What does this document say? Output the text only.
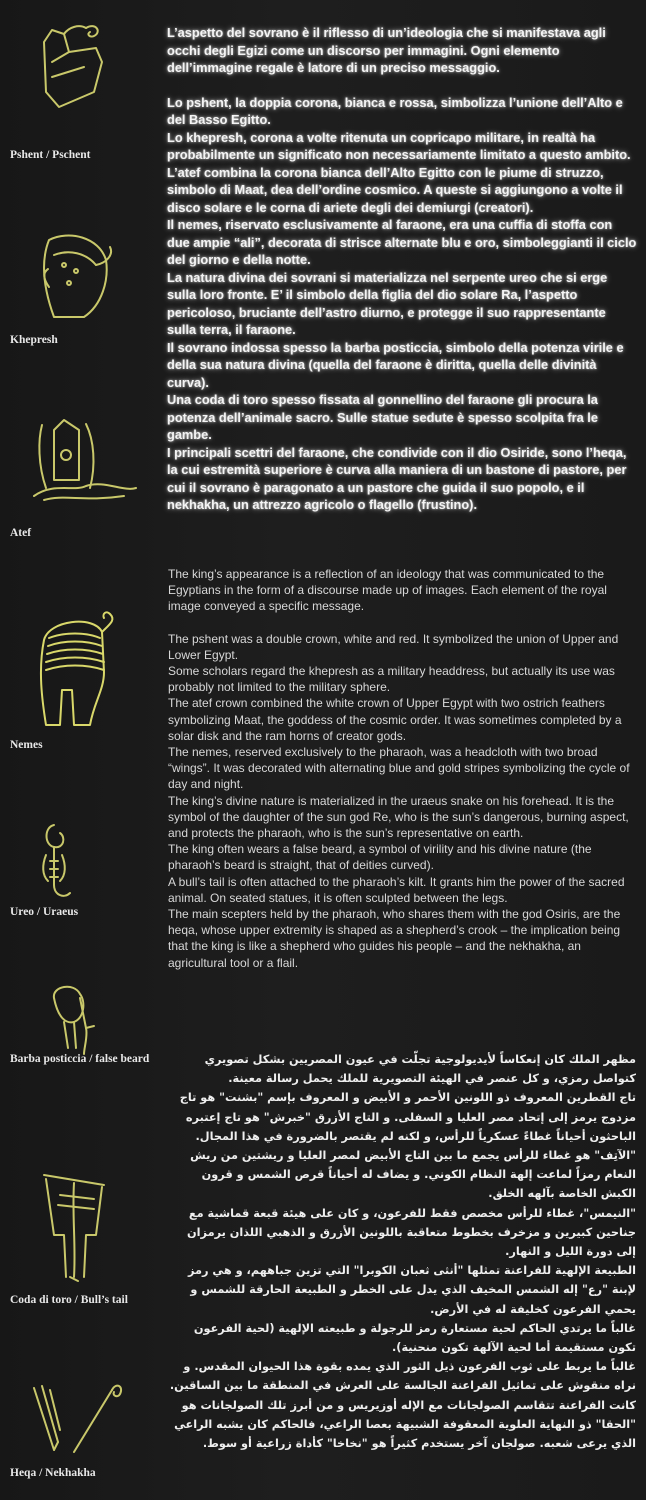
Pshent / Pschent
Khepresh
Atef
Nemes
Ureo / Uraeus
Barba posticcia / false beard
Coda di toro / Bull’s tail
Heqa / Nekhakha

L’aspetto del sovrano è il riflesso di un’ideologia che si manifestava agli occhi degli Egizi come un discorso per immagini. Ogni elemento dell’immagine regale è latore di un preciso messaggio.

Lo pshent, la doppia corona, bianca e rossa, simbolizza l’unione dell’Alto e del Basso Egitto.

Lo khepresh, corona a volte ritenuta un copricapo militare, in realtà ha probabilmente un significato non necessariamente limitato a questo ambito. L’atef combina la corona bianca dell’Alto Egitto con le piume di struzzo, simbolo di Maat, dea dell’ordine cosmico. A queste si aggiungono a volte il disco solare e le corna di ariete degli dei demiurgi (creatori).

Il nemes, riservato esclusivamente al faraone, era una cuffia di stoffa con due ampie “ali”, decorata di strisce alternate blu e oro, simboleggianti il ciclo del giorno e della notte.

La natura divina dei sovrani si materializza nel serpente ureo che si erge sulla loro fronte. E’ il simbolo della figlia del dio solare Ra, l’aspetto pericoloso, bruciante dell’astro diurno, e protegge il suo rappresentante sulla terra, il faraone.

Il sovrano indossa spesso la barba posticcia, simbolo della potenza virile e della sua natura divina (quella del faraone è diritta, quella delle divinità curva).

Una coda di toro spesso fissata al gonnellino del faraone gli procura la potenza dell’animale sacro. Sulle statue sedute è spesso scolpita fra le gambe.

I principali scettri del faraone, che condivide con il dio Osiride, sono l’heqa, la cui estremità superiore è curva alla maniera di un bastone di pastore, per cui il sovrano è paragonato a un pastore che guida il suo popolo, e il nekhakha, un attrezzo agricolo o flagello (frustino).

The king’s appearance is a reflection of an ideology that was communicated to the Egyptians in the form of a discourse made up of images. Each element of the royal image conveyed a specific message.

The pshent was a double crown, white and red. It symbolized the union of Upper and Lower Egypt.

Some scholars regard the khepresh as a military headdress, but actually its use was probably not limited to the military sphere.

The atef crown combined the white crown of Upper Egypt with two ostrich feathers symbolizing Maat, the goddess of the cosmic order. It was sometimes completed by a solar disk and the ram horns of creator gods.

The nemes, reserved exclusively to the pharaoh, was a headcloth with two broad “wings”. It was decorated with alternating blue and gold stripes symbolizing the cycle of day and night.

The king’s divine nature is materialized in the uraeus snake on his forehead. It is the symbol of the daughter of the sun god Re, who is the sun’s dangerous, burning aspect, and protects the pharaoh, who is the sun’s representative on earth.

The king often wears a false beard, a symbol of virility and his divine nature (the pharaoh’s beard is straight, that of deities curved).

A bull’s tail is often attached to the pharaoh’s kilt. It grants him the power of the sacred animal. On seated statues, it is often sculpted between the legs.

The main scepters held by the pharaoh, who shares them with the god Osiris, are the heqa, whose upper extremity is shaped as a shepherd’s crook – the implication being that the king is like a shepherd who guides his people – and the nekhakha, an agricultural tool or a flail.

مظهر الملك كان إنعكاساً لأيديولوجية تجلّت في عيون المصريين بشكل تصويري كتواصل رمزي، و كل عنصر في الهيئة التصويرية للملك يحمل رسالة معينة.

تاج القطرين المعروف ذو اللونين الأحمر و الأبيض و المعروف بإسم "بشنت" هو تاج مزدوج يرمز إلى إتحاد مصر العليا و السفلى. و التاج الأزرق "خبرش" هو تاج إعتبره الباحثون أحياناً غطاءً عسكرياً للرأس، و لكنه لم يقتصر بالضرورة في هذا المجال.

"الآتِف" هو غطاء للرأس يجمع ما بين التاج الأبيض لمصر العليا و ريشتين من ريش النعام رمزاً لماعت إلهة النظام الكوني. و يضاف له أحياناً قرص الشمس و قرون الكبش الخاصة بآلهه الخلق.

"النيمس"، غطاء للرأس مخصص فقط للفرعون، و كان على هيئة قبعة قماشية مع جناحين كبيرين و مزخرف بخطوط متعاقبة باللونين الأزرق و الذهبي اللذان يرمزان إلى دورة الليل و النهار.

الطبيعة الإلهية للفراعنة تمثلها "أنثى ثعبان الكوبرا" التي تزين جباههم، و هي رمز لإبنة "رع" إله الشمس المخيف الذي يدل على الخطر و الطبيعة الحارقة للشمس و يحمي الفرعون كخليفة له في الأرض.

غالباً ما يرتدي الحاكم لحية مستعارة رمز للرجولة و طبيعته الإلهية (لحية الفرعون تكون مستقيمة أما لحية الآلهة تكون منحنية).

غالباً ما يربط على ثوب الفرعون ذيل الثور الذي يمده بقوة هذا الحيوان المقدس. و نراه منقوش على تماثيل الفراعنة الجالسة على العرش في المنطقة ما بين الساقين.

كانت الفراعنة تتقاسم الصولجانات مع الإله أوزيريس و من أبرز تلك الصولجانات هو "الحقا" ذو النهاية العلوية المعقوفة الشبيهة بعصا الراعي، فالحاكم كان يشبه الراعي الذي يرعى شعبه. صولجان آخر يستخدم كثيراً هو "نخاخا" كأداة زراعية أو سوط.
